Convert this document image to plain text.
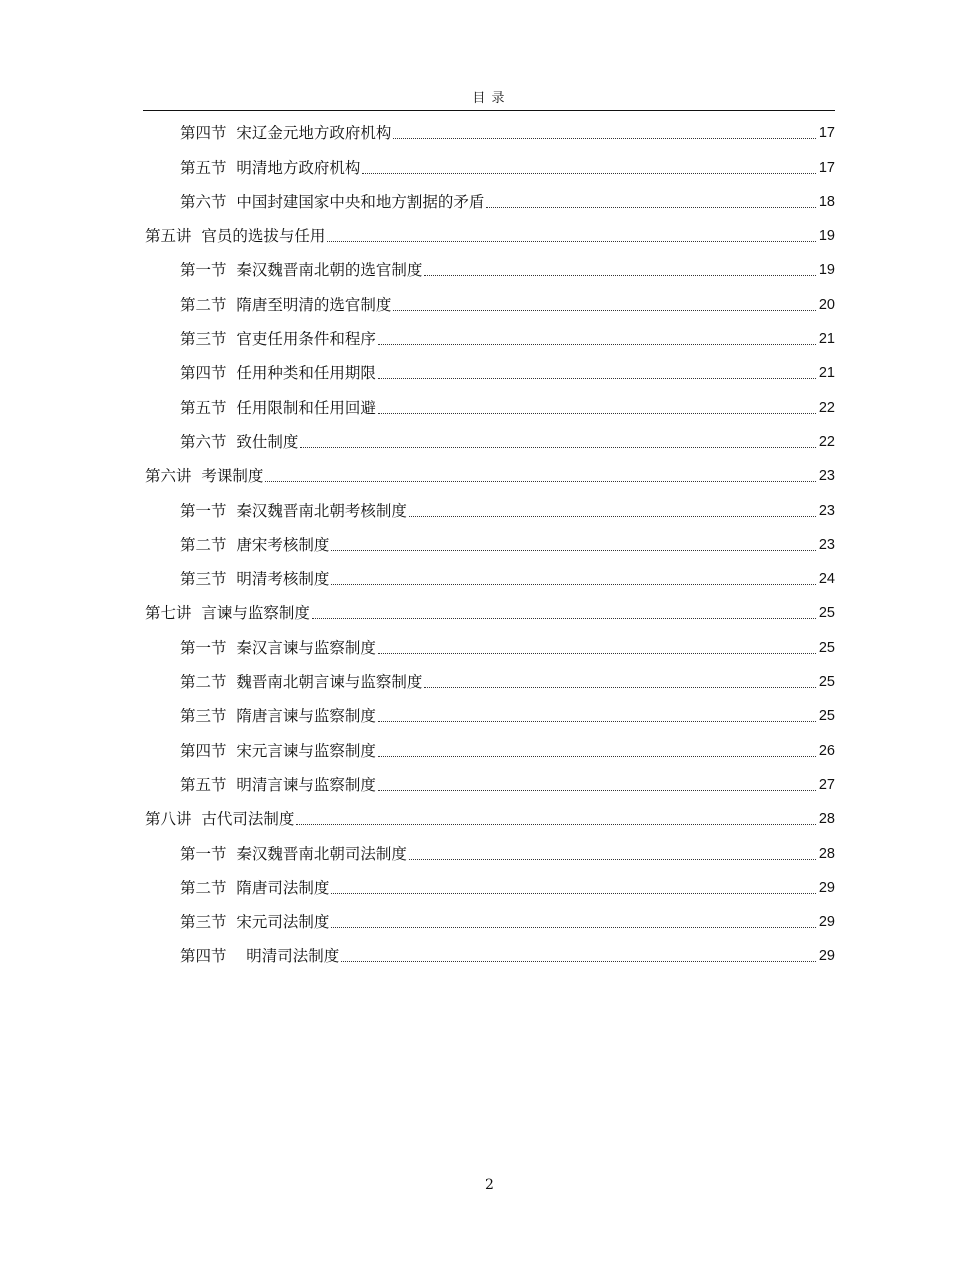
目 录
第四节  宋辽金元地方政府机构	17
第五节  明清地方政府机构	17
第六节  中国封建国家中央和地方割据的矛盾	18
第五讲  官员的选拔与任用	19
第一节  秦汉魏晋南北朝的选官制度	19
第二节  隋唐至明清的选官制度	20
第三节  官吏任用条件和程序	21
第四节  任用种类和任用期限	21
第五节  任用限制和任用回避	22
第六节  致仕制度	22
第六讲  考课制度	23
第一节  秦汉魏晋南北朝考核制度	23
第二节  唐宋考核制度	23
第三节  明清考核制度	24
第七讲  言谏与监察制度	25
第一节  秦汉言谏与监察制度	25
第二节  魏晋南北朝言谏与监察制度	25
第三节  隋唐言谏与监察制度	25
第四节  宋元言谏与监察制度	26
第五节  明清言谏与监察制度	27
第八讲  古代司法制度	28
第一节  秦汉魏晋南北朝司法制度	28
第二节  隋唐司法制度	29
第三节  宋元司法制度	29
第四节    明清司法制度	29
2
